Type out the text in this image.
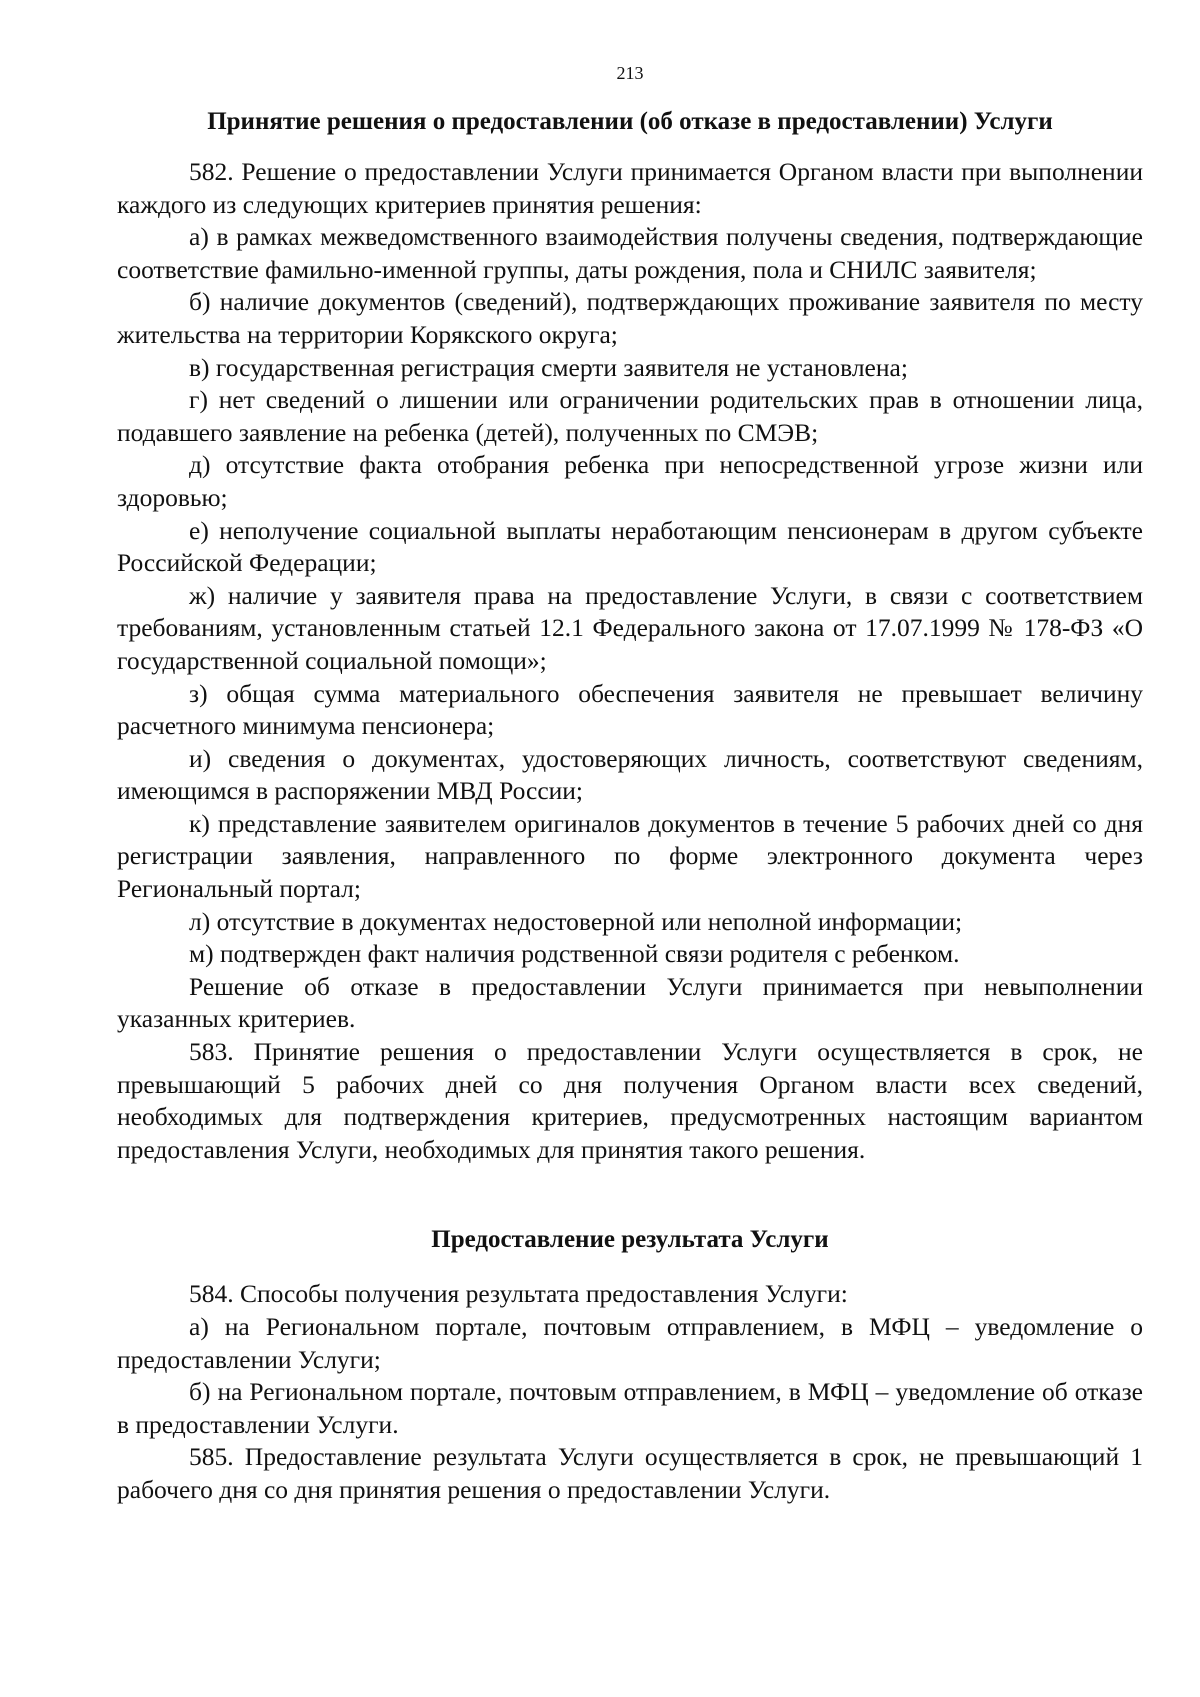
213
Принятие решения о предоставлении (об отказе в предоставлении) Услуги

582. Решение о предоставлении Услуги принимается Органом власти при выполнении каждого из следующих критериев принятия решения:

а) в рамках межведомственного взаимодействия получены сведения, подтверждающие соответствие фамильно-именной группы, даты рождения, пола и СНИЛС заявителя;

б) наличие документов (сведений), подтверждающих проживание заявителя по месту жительства на территории Корякского округа;

в) государственная регистрация смерти заявителя не установлена;

г) нет сведений о лишении или ограничении родительских прав в отношении лица, подавшего заявление на ребенка (детей), полученных по СМЭВ;

д) отсутствие факта отобрания ребенка при непосредственной угрозе жизни или здоровью;

е) неполучение социальной выплаты неработающим пенсионерам в другом субъекте Российской Федерации;

ж) наличие у заявителя права на предоставление Услуги, в связи с соответствием требованиям, установленным статьей 12.1 Федерального закона от 17.07.1999 № 178-ФЗ «О государственной социальной помощи»;

з) общая сумма материального обеспечения заявителя не превышает величину расчетного минимума пенсионера;

и) сведения о документах, удостоверяющих личность, соответствуют сведениям, имеющимся в распоряжении МВД России;

к) представление заявителем оригиналов документов в течение 5 рабочих дней со дня регистрации заявления, направленного по форме электронного документа через Региональный портал;

л) отсутствие в документах недостоверной или неполной информации;

м) подтвержден факт наличия родственной связи родителя с ребенком.

Решение об отказе в предоставлении Услуги принимается при невыполнении указанных критериев.

583. Принятие решения о предоставлении Услуги осуществляется в срок, не превышающий 5 рабочих дней со дня получения Органом власти всех сведений, необходимых для подтверждения критериев, предусмотренных настоящим вариантом предоставления Услуги, необходимых для принятия такого решения.

Предоставление результата Услуги

584. Способы получения результата предоставления Услуги:

а) на Региональном портале, почтовым отправлением, в МФЦ – уведомление о предоставлении Услуги;

б) на Региональном портале, почтовым отправлением, в МФЦ – уведомление об отказе в предоставлении Услуги.

585. Предоставление результата Услуги осуществляется в срок, не превышающий 1 рабочего дня со дня принятия решения о предоставлении Услуги.
